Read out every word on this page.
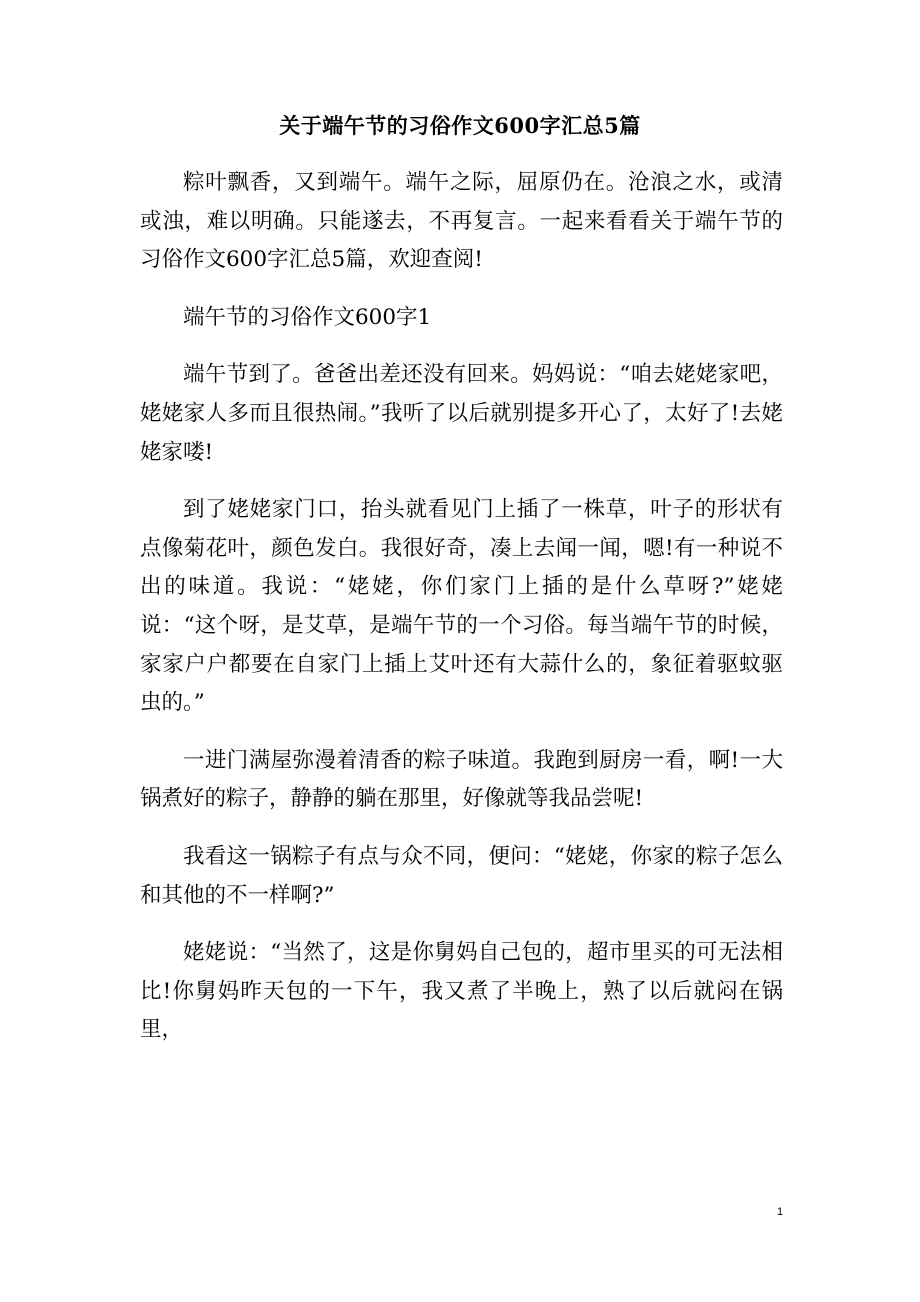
关于端午节的习俗作文600字汇总5篇

粽叶飘香，又到端午。端午之际，屈原仍在。沧浪之水，或清或浊，难以明确。只能遂去，不再复言。一起来看看关于端午节的习俗作文600字汇总5篇，欢迎查阅!

端午节的习俗作文600字1

端午节到了。爸爸出差还没有回来。妈妈说：“咱去姥姥家吧，姥姥家人多而且很热闹。”我听了以后就别提多开心了，太好了!去姥姥家喽!

到了姥姥家门口，抬头就看见门上插了一株草，叶子的形状有点像菊花叶，颜色发白。我很好奇，凑上去闻一闻，嗯!有一种说不出的味道。我说：“姥姥，你们家门上插的是什么草呀?”姥姥说：“这个呀，是艾草，是端午节的一个习俗。每当端午节的时候，家家户户都要在自家门上插上艾叶还有大蒜什么的，象征着驱蚊驱虫的。”

一进门满屋弥漫着清香的粽子味道。我跑到厨房一看，啊!一大锅煮好的粽子，静静的躺在那里，好像就等我品尝呢!

我看这一锅粽子有点与众不同，便问：“姥姥，你家的粽子怎么和其他的不一样啊?”

姥姥说：“当然了，这是你舅妈自己包的，超市里买的可无法相比!你舅妈昨天包的一下午，我又煮了半晚上，熟了以后就闷在锅里，

1
